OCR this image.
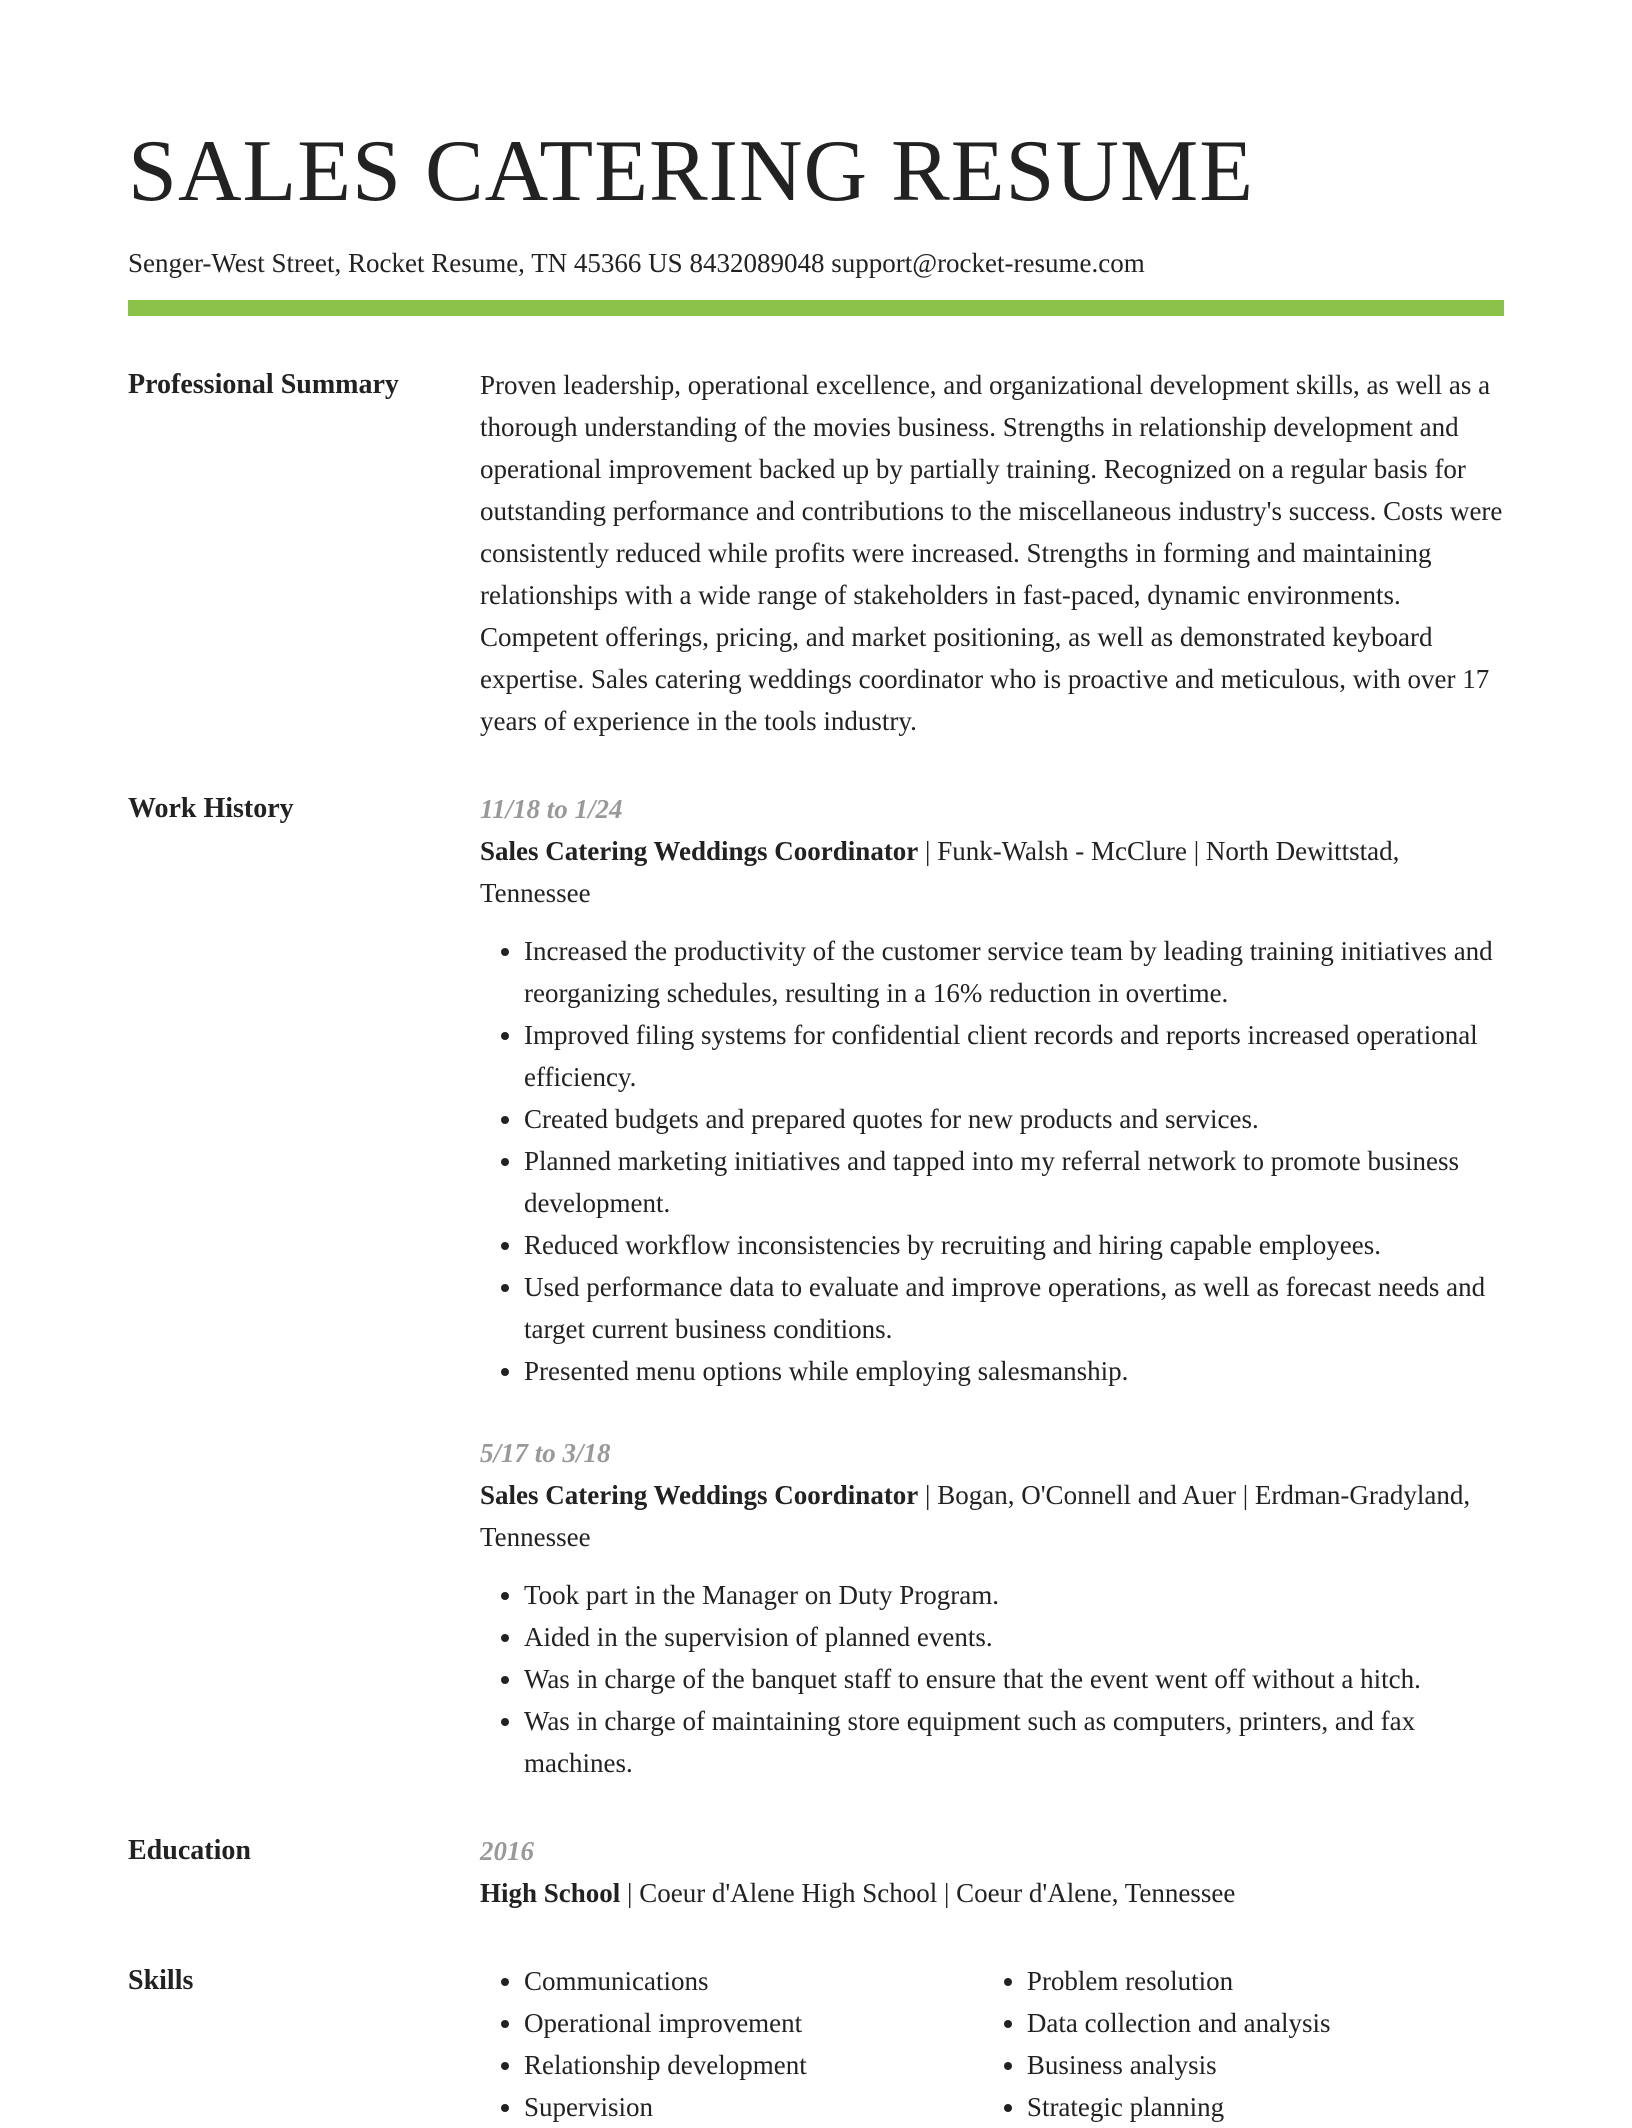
SALES CATERING RESUME
Senger-West Street, Rocket Resume, TN 45366 US 8432089048 support@rocket-resume.com
Professional Summary	Proven leadership, operational excellence, and organizational development skills, as well as a thorough understanding of the movies business. Strengths in relationship development and operational improvement backed up by partially training. Recognized on a regular basis for outstanding performance and contributions to the miscellaneous industry's success. Costs were consistently reduced while profits were increased. Strengths in forming and maintaining relationships with a wide range of stakeholders in fast-paced, dynamic environments. Competent offerings, pricing, and market positioning, as well as demonstrated keyboard expertise. Sales catering weddings coordinator who is proactive and meticulous, with over 17 years of experience in the tools industry.

Work History	11/18 to 1/24
Sales Catering Weddings Coordinator | Funk-Walsh - McClure | North Dewittstad, Tennessee
• Increased the productivity of the customer service team by leading training initiatives and reorganizing schedules, resulting in a 16% reduction in overtime.
• Improved filing systems for confidential client records and reports increased operational efficiency.
• Created budgets and prepared quotes for new products and services.
• Planned marketing initiatives and tapped into my referral network to promote business development.
• Reduced workflow inconsistencies by recruiting and hiring capable employees.
• Used performance data to evaluate and improve operations, as well as forecast needs and target current business conditions.
• Presented menu options while employing salesmanship.
5/17 to 3/18
Sales Catering Weddings Coordinator | Bogan, O'Connell and Auer | Erdman-Gradyland, Tennessee
• Took part in the Manager on Duty Program.
• Aided in the supervision of planned events.
• Was in charge of the banquet staff to ensure that the event went off without a hitch.
• Was in charge of maintaining store equipment such as computers, printers, and fax machines.
Education	2016
High School | Coeur d'Alene High School | Coeur d'Alene, Tennessee
Skills
•	Communications
• Operational improvement
• Relationship development
• Supervision
• Problem resolution
• Data collection and analysis
• Business analysis
• Strategic planning
